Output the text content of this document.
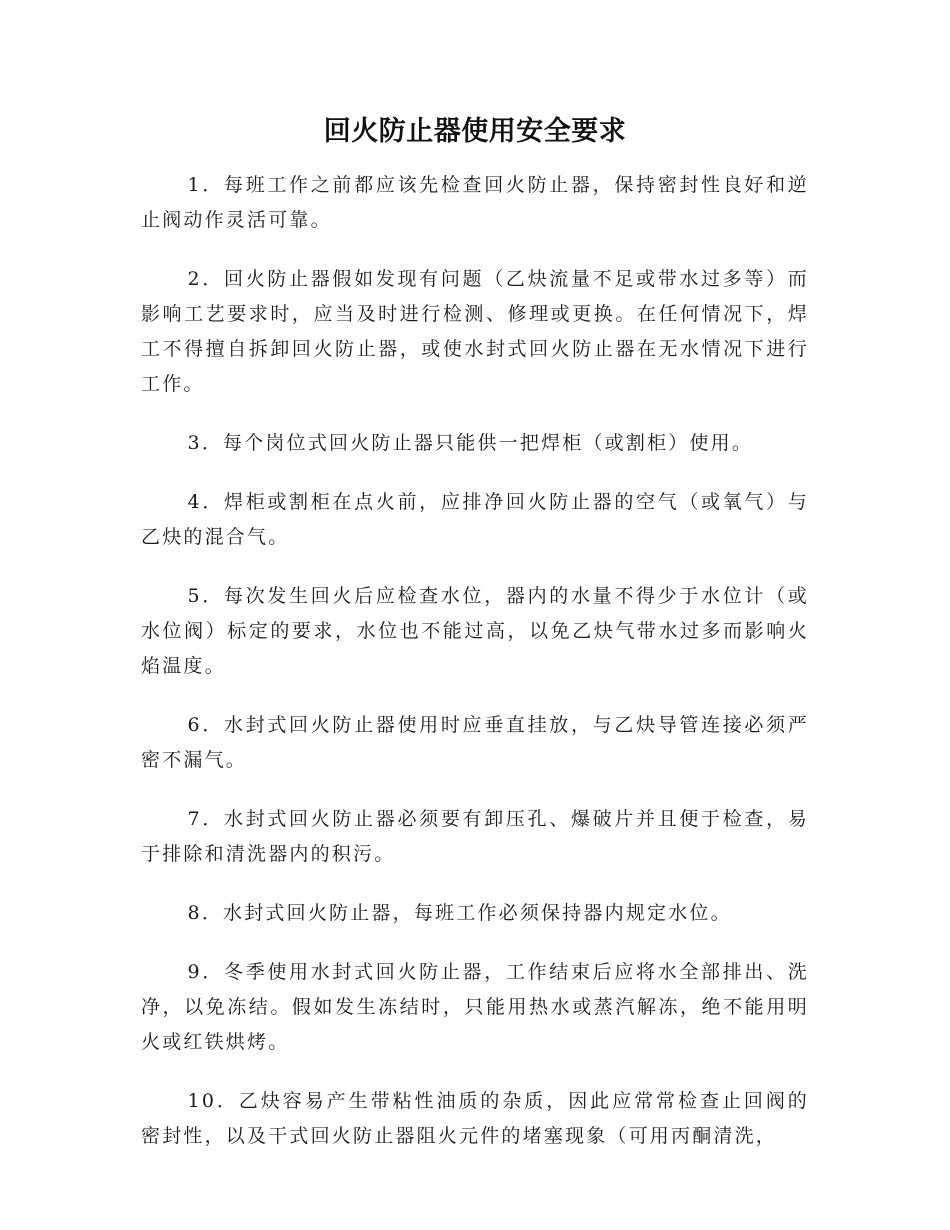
回火防止器使用安全要求

1．每班工作之前都应该先检查回火防止器，保持密封性良好和逆止阀动作灵活可靠。

2．回火防止器假如发现有问题（乙炔流量不足或带水过多等）而影响工艺要求时，应当及时进行检测、修理或更换。在任何情况下，焊工不得擅自拆卸回火防止器，或使水封式回火防止器在无水情况下进行工作。

3．每个岗位式回火防止器只能供一把焊柜（或割柜）使用。

4．焊柜或割柜在点火前，应排净回火防止器的空气（或氧气）与乙炔的混合气。

5．每次发生回火后应检查水位，器内的水量不得少于水位计（或水位阀）标定的要求，水位也不能过高，以免乙炔气带水过多而影响火焰温度。

6．水封式回火防止器使用时应垂直挂放，与乙炔导管连接必须严密不漏气。

7．水封式回火防止器必须要有卸压孔、爆破片并且便于检查，易于排除和清洗器内的积污。

8．水封式回火防止器，每班工作必须保持器内规定水位。

9．冬季使用水封式回火防止器，工作结束后应将水全部排出、洗净，以免冻结。假如发生冻结时，只能用热水或蒸汽解冻，绝不能用明火或红铁烘烤。

10．乙炔容易产生带粘性油质的杂质，因此应常常检查止回阀的密封性，以及干式回火防止器阻火元件的堵塞现象（可用丙酮清洗，
